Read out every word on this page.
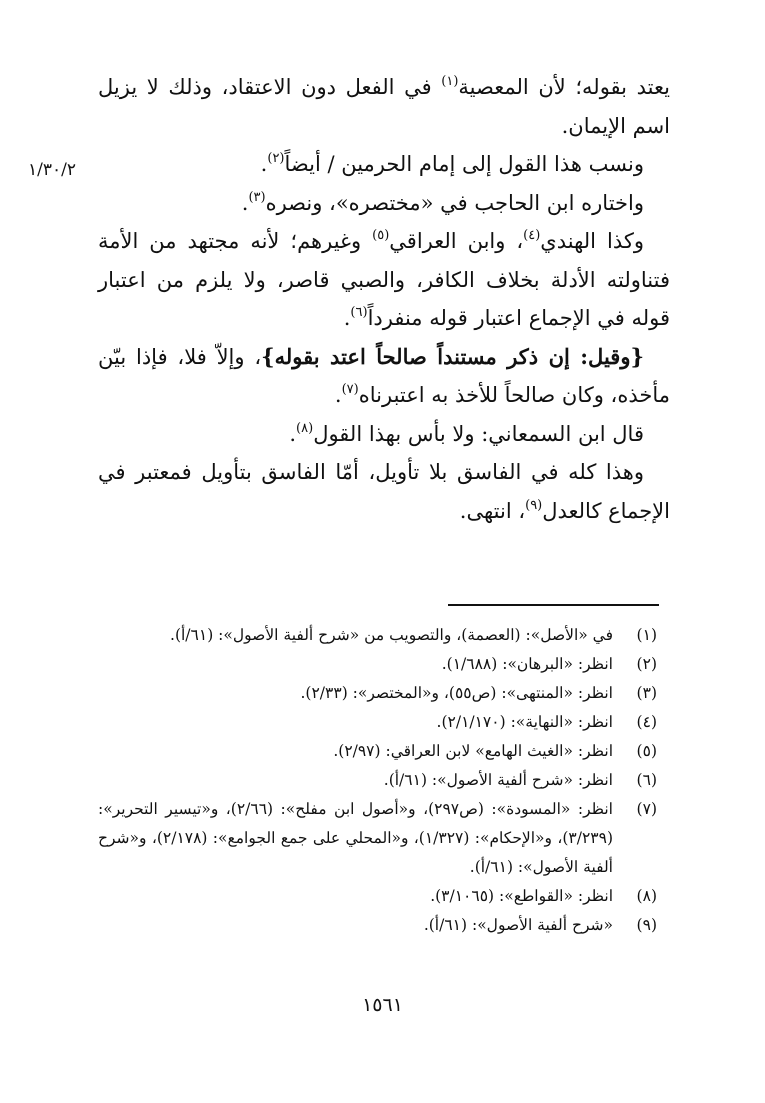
١/٣٠/٢

يعتد بقوله؛ لأن المعصية$^{(١)}$ في الفعل دون الاعتقاد، وذلك لا يزيل اسم الإيمان.

ونسب هذا القول إلى إمام الحرمين / أيضاً$^{(٢)}$.

واختاره ابن الحاجب في «مختصره»، ونصره$^{(٣)}$.

وكذا الهندي$^{(٤)}$، وابن العراقي$^{(٥)}$ وغيرهم؛ لأنه مجتهد من الأمة فتناولته الأدلة بخلاف الكافر، والصبي قاصر، ولا يلزم من اعتبار قوله في الإجماع اعتبار قوله منفرداً$^{(٦)}$.

{وقيل: إن ذكر مستنداً صالحاً اعتد بقوله}، وإلاّ فلا، فإذا بيّن مأخذه، وكان صالحاً للأخذ به اعتبرناه$^{(٧)}$.

قال ابن السمعاني: ولا بأس بهذا القول$^{(٨)}$.

وهذا كله في الفاسق بلا تأويل، أمّا الفاسق بتأويل فمعتبر في الإجماع كالعدل$^{(٩)}$، انتهى.

(١)
في «الأصل»: (العصمة)، والتصويب من «شرح ألفية الأصول»: (٦١/أ).
(٢)
انظر: «البرهان»: (١/٦٨٨).
(٣)
انظر: «المنتهى»: (ص٥٥)، و«المختصر»: (٢/٣٣).
(٤)
انظر: «النهاية»: (٢/١/١٧٠).
(٥)
انظر: «الغيث الهامع» لابن العراقي: (٢/٩٧).
(٦)
انظر: «شرح ألفية الأصول»: (٦١/أ).
(٧)
انظر: «المسودة»: (ص٢٩٧)، و«أصول ابن مفلح»: (٢/٦٦)، و«تيسير التحرير»: (٣/٢٣٩)، و«الإحكام»: (١/٣٢٧)، و«المحلي على جمع الجوامع»: (٢/١٧٨)، و«شرح ألفية الأصول»: (٦١/أ).
(٨)
انظر: «القواطع»: (٣/١٠٦٥).
(٩)
«شرح ألفية الأصول»: (٦١/أ).
١٥٦١
